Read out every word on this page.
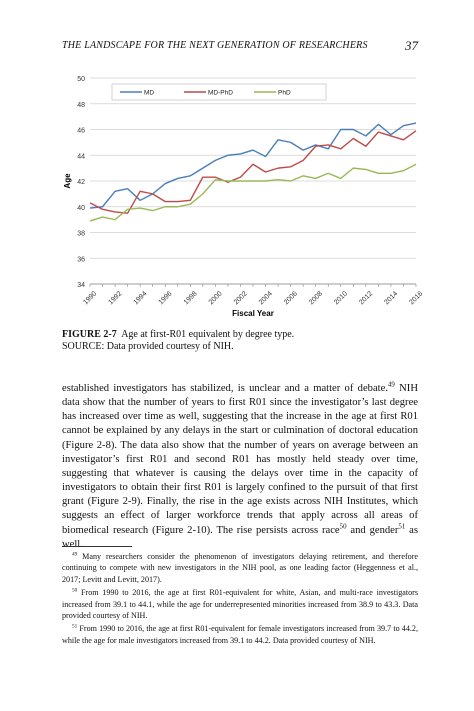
THE LANDSCAPE FOR THE NEXT GENERATION OF RESEARCHERS	37
34
36
38
40
42
44
46
48
50
1990 1992 1994 1996 1998 2000 2002 2004 2006 2008 2010 2012 2014 2016
MD	MD-PhD	PhD
Age
Fiscal Year
FIGURE 2-7 Age at first-R01 equivalent by degree type.
SOURCE: Data provided courtesy of NIH.

established investigators has stabilized, is unclear and a matter of debate.$^{49}$ NIH data show that the number of years to first R01 since the investigator’s last degree has increased over time as well, suggesting that the increase in the age at first R01 cannot be explained by any delays in the start or culmination of doctoral education (Figure 2-8). The data also show that the number of years on average between an investigator’s first R01 and second R01 has mostly held steady over time, suggesting that whatever is causing the delays over time in the capacity of investigators to obtain their first R01 is largely confined to the pursuit of that first grant (Figure 2-9). Finally, the rise in the age exists across NIH Institutes, which suggests an effect of larger workforce trends that apply across all areas of biomedical research (Figure 2-10). The rise persists across race$^{50}$ and gender$^{51}$ as well.

$^{49}$ Many researchers consider the phenomenon of investigators delaying retirement, and therefore continuing to compete with new investigators in the NIH pool, as one leading factor (Heggenness et al., 2017; Levitt and Levitt, 2017).

$^{50}$ From 1990 to 2016, the age at first R01-equivalent for white, Asian, and multi-race investigators increased from 39.1 to 44.1, while the age for underrepresented minorities increased from 38.9 to 43.3. Data provided courtesy of NIH.

$^{51}$ From 1990 to 2016, the age at first R01-equivalent for female investigators increased from 39.7 to 44.2, while the age for male investigators increased from 39.1 to 44.2. Data provided courtesy of NIH.
